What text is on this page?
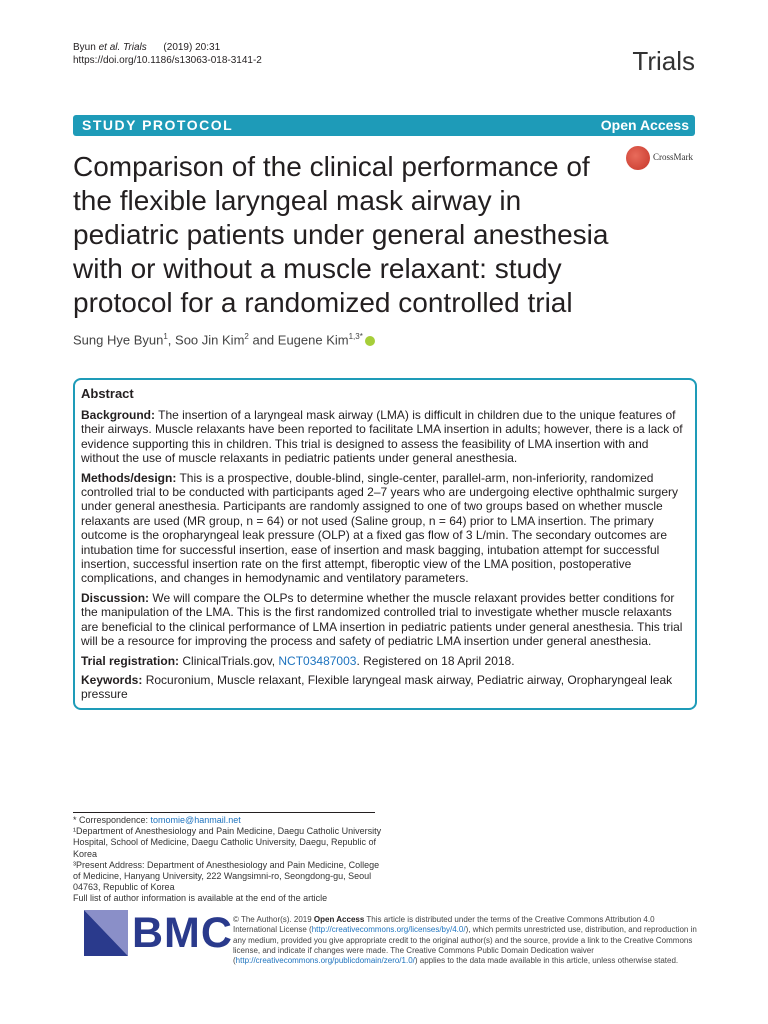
Byun et al. Trials (2019) 20:31
https://doi.org/10.1186/s13063-018-3141-2	Trials
STUDY PROTOCOL	Open Access
Comparison of the clinical performance of the flexible laryngeal mask airway in pediatric patients under general anesthesia with or without a muscle relaxant: study protocol for a randomized controlled trial
CrossMark
Sung Hye Byun$^1$, Soo Jin Kim$^2$ and Eugene Kim$^{1,3*}$
Abstract

Background: The insertion of a laryngeal mask airway (LMA) is difficult in children due to the unique features of their airways. Muscle relaxants have been reported to facilitate LMA insertion in adults; however, there is a lack of evidence supporting this in children. This trial is designed to assess the feasibility of LMA insertion with and without the use of muscle relaxants in pediatric patients under general anesthesia.

Methods/design: This is a prospective, double-blind, single-center, parallel-arm, non-inferiority, randomized controlled trial to be conducted with participants aged 2–7 years who are undergoing elective ophthalmic surgery under general anesthesia. Participants are randomly assigned to one of two groups based on whether muscle relaxants are used (MR group, n = 64) or not used (Saline group, n = 64) prior to LMA insertion. The primary outcome is the oropharyngeal leak pressure (OLP) at a fixed gas flow of 3 L/min. The secondary outcomes are intubation time for successful insertion, ease of insertion and mask bagging, intubation attempt for successful insertion, successful insertion rate on the first attempt, fiberoptic view of the LMA position, postoperative complications, and changes in hemodynamic and ventilatory parameters.

Discussion: We will compare the OLPs to determine whether the muscle relaxant provides better conditions for the manipulation of the LMA. This is the first randomized controlled trial to investigate whether muscle relaxants are beneficial to the clinical performance of LMA insertion in pediatric patients under general anesthesia. This trial will be a resource for improving the process and safety of pediatric LMA insertion under general anesthesia.

Trial registration: ClinicalTrials.gov, NCT03487003. Registered on 18 April 2018.

Keywords: Rocuronium, Muscle relaxant, Flexible laryngeal mask airway, Pediatric airway, Oropharyngeal leak pressure

* Correspondence: tomomie@hanmail.net
¹Department of Anesthesiology and Pain Medicine, Daegu Catholic University Hospital, School of Medicine, Daegu Catholic University, Daegu, Republic of Korea
³Present Address: Department of Anesthesiology and Pain Medicine, College of Medicine, Hanyang University, 222 Wangsimni-ro, Seongdong-gu, Seoul 04763, Republic of Korea
Full list of author information is available at the end of the article
BMC © The Author(s). 2019 Open Access This article is distributed under the terms of the Creative Commons Attribution 4.0 International License (http://creativecommons.org/licenses/by/4.0/), which permits unrestricted use, distribution, and reproduction in any medium, provided you give appropriate credit to the original author(s) and the source, provide a link to the Creative Commons license, and indicate if changes were made. The Creative Commons Public Domain Dedication waiver (http://creativecommons.org/publicdomain/zero/1.0/) applies to the data made available in this article, unless otherwise stated.
